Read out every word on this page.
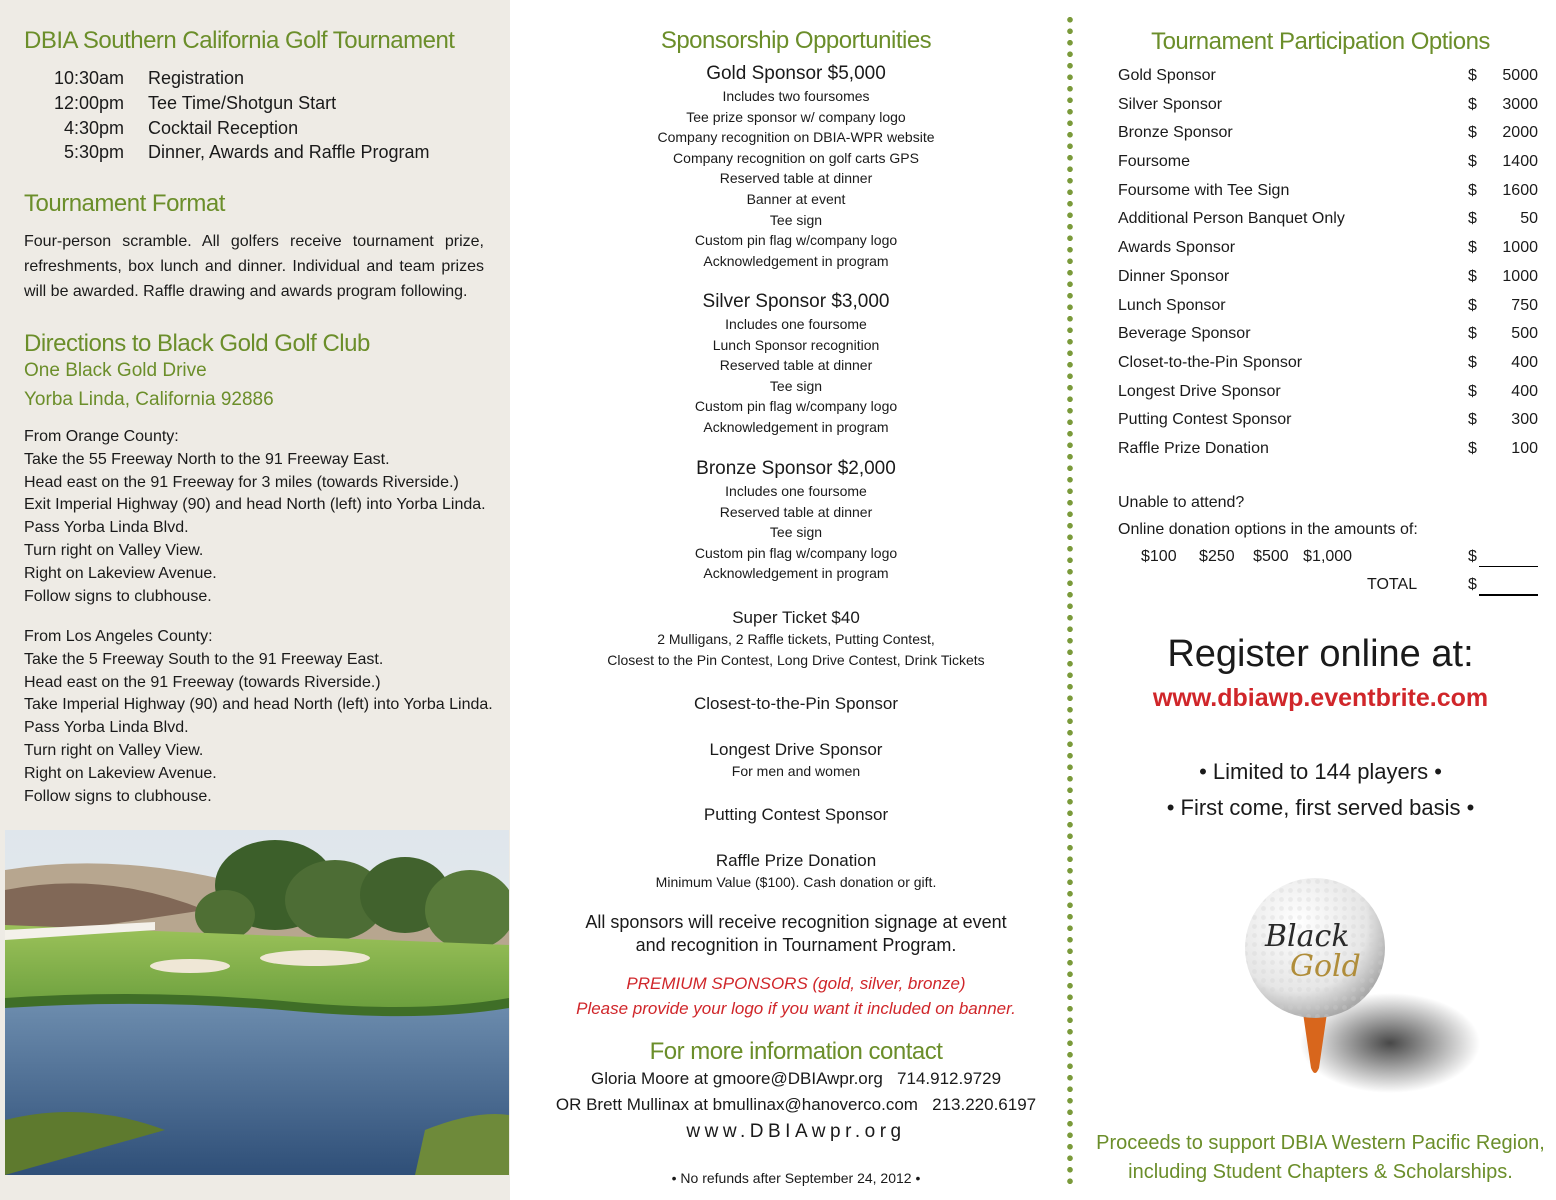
DBIA Southern California Golf Tournament
10:30am Registration
12:00pm Tee Time/Shotgun Start
4:30pm Cocktail Reception
5:30pm Dinner, Awards and Raffle Program
Tournament Format
Four-person scramble. All golfers receive tournament prize, refreshments, box lunch and dinner. Individual and team prizes will be awarded. Raffle drawing and awards program following.
Directions to Black Gold Golf Club
One Black Gold Drive
Yorba Linda, California 92886
From Orange County:
Take the 55 Freeway North to the 91 Freeway East.
Head east on the 91 Freeway for 3 miles (towards Riverside.)
Exit Imperial Highway (90) and head North (left) into Yorba Linda.
Pass Yorba Linda Blvd.
Turn right on Valley View.
Right on Lakeview Avenue.
Follow signs to clubhouse.
From Los Angeles County:
Take the 5 Freeway South to the 91 Freeway East.
Head east on the 91 Freeway (towards Riverside.)
Take Imperial Highway (90) and head North (left) into Yorba Linda.
Pass Yorba Linda Blvd.
Turn right on Valley View.
Right on Lakeview Avenue.
Follow signs to clubhouse.
Sponsorship Opportunities
Gold Sponsor $5,000
Includes two foursomes
Tee prize sponsor w/ company logo
Company recognition on DBIA-WPR website
Company recognition on golf carts GPS
Reserved table at dinner
Banner at event
Tee sign
Custom pin flag w/company logo
Acknowledgement in program
Silver Sponsor $3,000
Includes one foursome
Lunch Sponsor recognition
Reserved table at dinner
Tee sign
Custom pin flag w/company logo
Acknowledgement in program
Bronze Sponsor $2,000
Includes one foursome
Reserved table at dinner
Tee sign
Custom pin flag w/company logo
Acknowledgement in program
Super Ticket $40
2 Mulligans, 2 Raffle tickets, Putting Contest,
Closest to the Pin Contest, Long Drive Contest, Drink Tickets
Closest-to-the-Pin Sponsor
Longest Drive Sponsor
For men and women
Putting Contest Sponsor
Raffle Prize Donation
Minimum Value ($100). Cash donation or gift.
All sponsors will receive recognition signage at event
and recognition in Tournament Program.
PREMIUM SPONSORS (gold, silver, bronze)
Please provide your logo if you want it included on banner.
For more information contact
Gloria Moore at gmoore@DBIAwpr.org   714.912.9729
OR Brett Mullinax at bmullinax@hanoverco.com   213.220.6197
www.DBIAwpr.org
• No refunds after September 24, 2012 •
Tournament Participation Options
Gold Sponsor	$ 5000
Silver Sponsor	$ 3000
Bronze Sponsor	$ 2000
Foursome	$ 1400
Foursome with Tee Sign	$ 1600
Additional Person Banquet Only	$	50
Awards Sponsor	$ 1000
Dinner Sponsor	$ 1000
Lunch Sponsor	$ 750
Beverage Sponsor	$ 500
Closet-to-the-Pin Sponsor	$ 400
Longest Drive Sponsor	$ 400
Putting Contest Sponsor	$ 300
Raffle Prize Donation	$ 100
Unable to attend?
Online donation options in the amounts of:
$100 $250 $500 $1,000	$
TOTAL	$
Register online at:
www.dbiawp.eventbrite.com
• Limited to 144 players •
• First come, first served basis •
Black
Gold
Proceeds to support DBIA Western Pacific Region,
including Student Chapters & Scholarships.
